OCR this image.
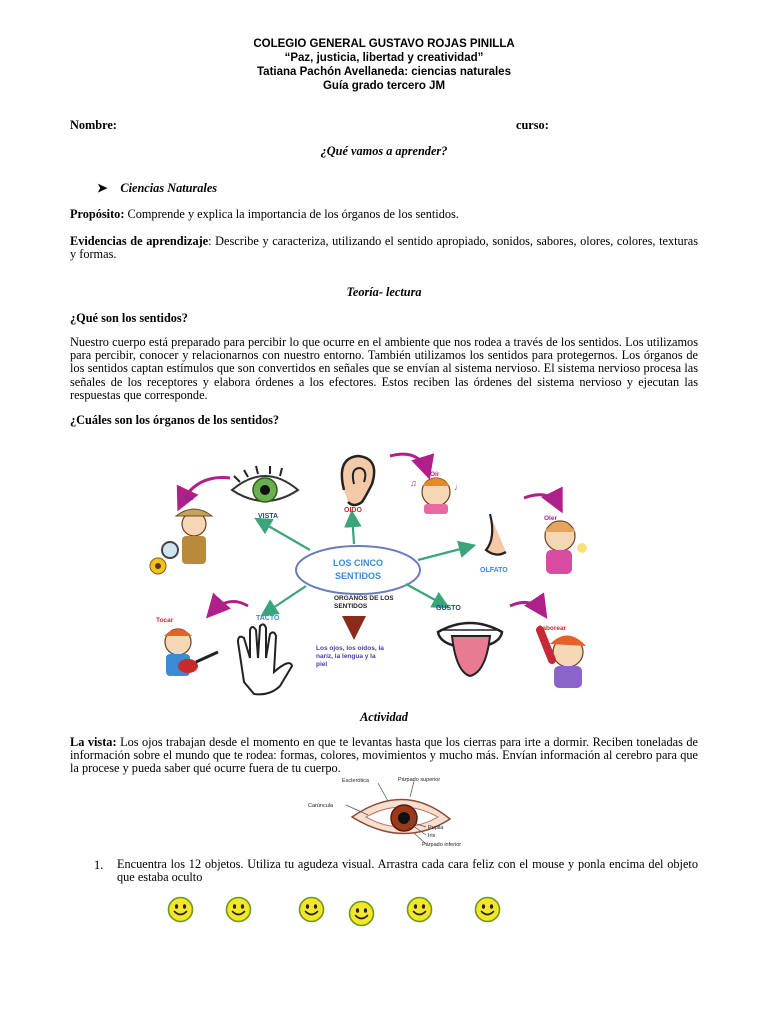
COLEGIO GENERAL GUSTAVO ROJAS PINILLA
“Paz, justicia, libertad y creatividad”
Tatiana Pachón Avellaneda: ciencias naturales
Guía grado tercero JM
Nombre:	curso:
¿Qué vamos a aprender?
➤ Ciencias Naturales
Propósito: Comprende y explica la importancia de los órganos de los sentidos.
Evidencias de aprendizaje: Describe y caracteriza, utilizando el sentido apropiado, sonidos, sabores, olores, colores, texturas y formas.
Teoría- lectura
¿Qué son los sentidos?
Nuestro cuerpo está preparado para percibir lo que ocurre en el ambiente que nos rodea a través de los sentidos. Los utilizamos para percibir, conocer y relacionarnos con nuestro entorno. También utilizamos los sentidos para protegernos. Los órganos de los sentidos captan estímulos que son convertidos en señales que se envían al sistema nervioso. El sistema nervioso procesa las señales de los receptores y elabora órdenes a los efectores. Estos reciben las órdenes del sistema nervioso y ejecutan las respuestas que corresponde.
¿Cuáles son los órganos de los sentidos?
♫	♩
Ver
VISTA
OIDO
Oír
Oler
OLFATO
GUSTO
Saborear
TACTO
Tocar
LOS CINCO
SENTIDOS
ORGANOS DE LOS
SENTIDOS
Los ojos, los oídos, la
nariz, la lengua y la
piel
Actividad
La vista: Los ojos trabajan desde el momento en que te levantas hasta que los cierras para irte a dormir. Reciben toneladas de información sobre el mundo que te rodea: formas, colores, movimientos y mucho más. Envían información al cerebro para que la procese y pueda saber qué ocurre fuera de tu cuerpo.
Esclerótica	Párpado superior
Carúncula
Pupila
Iris
Párpado inferior
1. Encuentra los 12 objetos. Utiliza tu agudeza visual. Arrastra cada cara feliz con el mouse y ponla encima del objeto que estaba oculto
